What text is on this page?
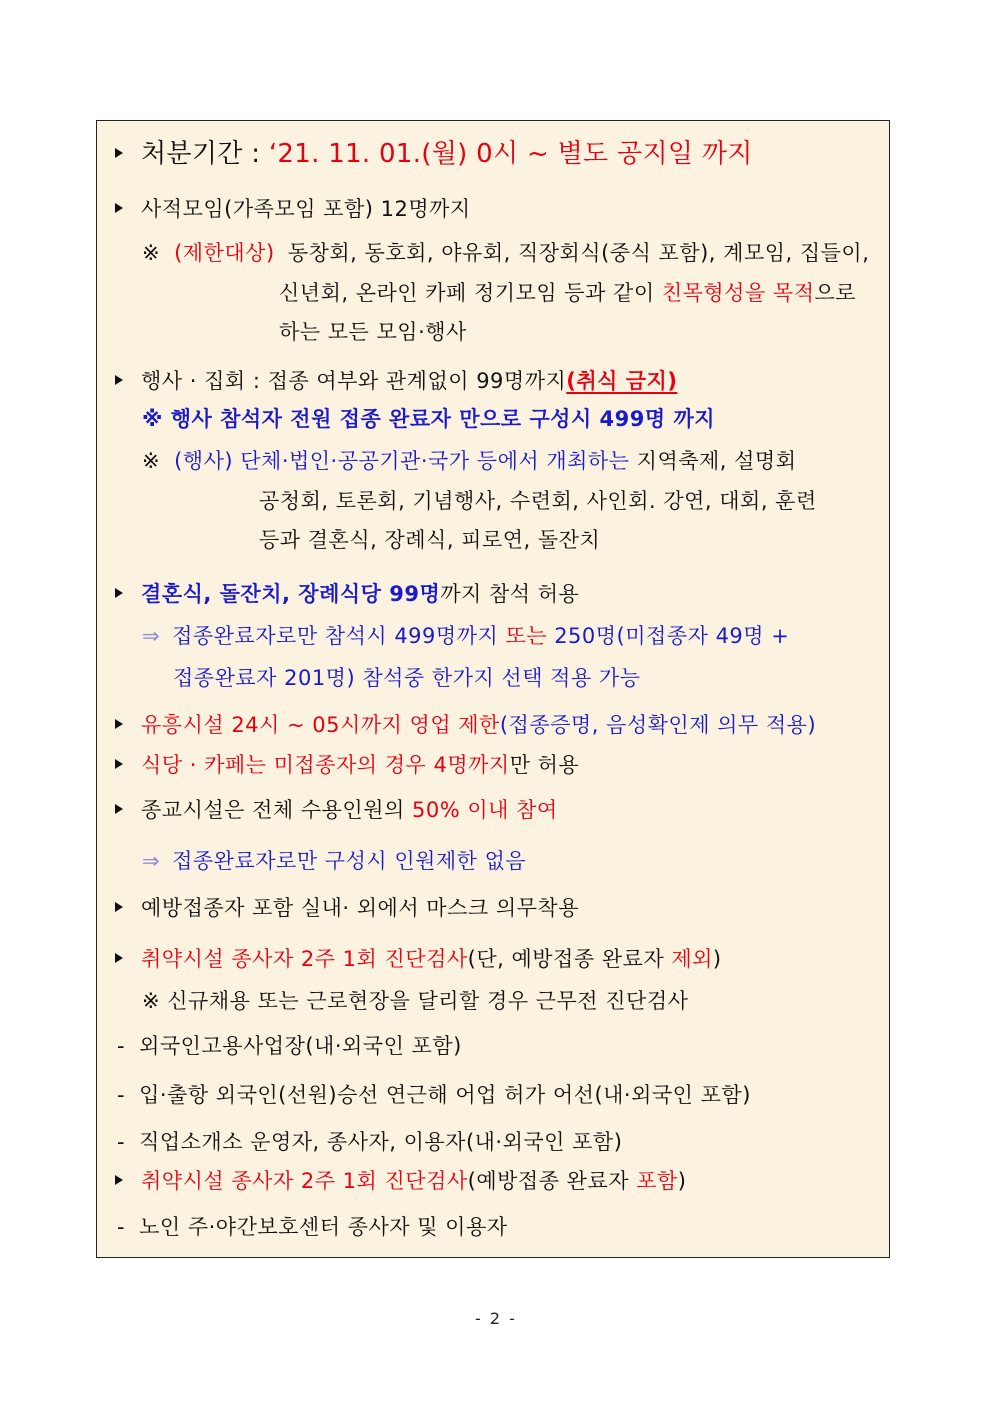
처분기간 : ‘21. 11. 01.(월) 0시 ~ 별도 공지일 까지
사적모임(가족모임 포함) 12명까지
※ (제한대상) 동창회, 동호회, 야유회, 직장회식(중식 포함), 계모임, 집들이,
신년회, 온라인 카페 정기모임 등과 같이 친목형성을 목적으로
하는 모든 모임·행사
행사 · 집회 : 접종 여부와 관계없이 99명까지(취식 금지)
※ 행사 참석자 전원 접종 완료자 만으로 구성시 499명 까지
※ (행사) 단체·법인·공공기관·국가 등에서 개최하는 지역축제, 설명회
공청회, 토론회, 기념행사, 수련회, 사인회. 강연, 대회, 훈련
등과 결혼식, 장례식, 피로연, 돌잔치
결혼식, 돌잔치, 장례식당 99명까지 참석 허용
⇒ 접종완료자로만 참석시 499명까지 또는 250명(미접종자 49명 +
접종완료자 201명) 참석중 한가지 선택 적용 가능
유흥시설 24시 ~ 05시까지 영업 제한(접종증명, 음성확인제 의무 적용)
식당 · 카페는 미접종자의 경우 4명까지만 허용
종교시설은 전체 수용인원의 50% 이내 참여
⇒ 접종완료자로만 구성시 인원제한 없음
예방접종자 포함 실내· 외에서 마스크 의무착용
취약시설 종사자 2주 1회 진단검사(단, 예방접종 완료자 제외)
※ 신규채용 또는 근로현장을 달리할 경우 근무전 진단검사
- 외국인고용사업장(내·외국인 포함)
- 입·출항 외국인(선원)승선 연근해 어업 허가 어선(내·외국인 포함)
- 직업소개소 운영자, 종사자, 이용자(내·외국인 포함)
취약시설 종사자 2주 1회 진단검사(예방접종 완료자 포함)
- 노인 주·야간보호센터 종사자 및 이용자
- 2 -
